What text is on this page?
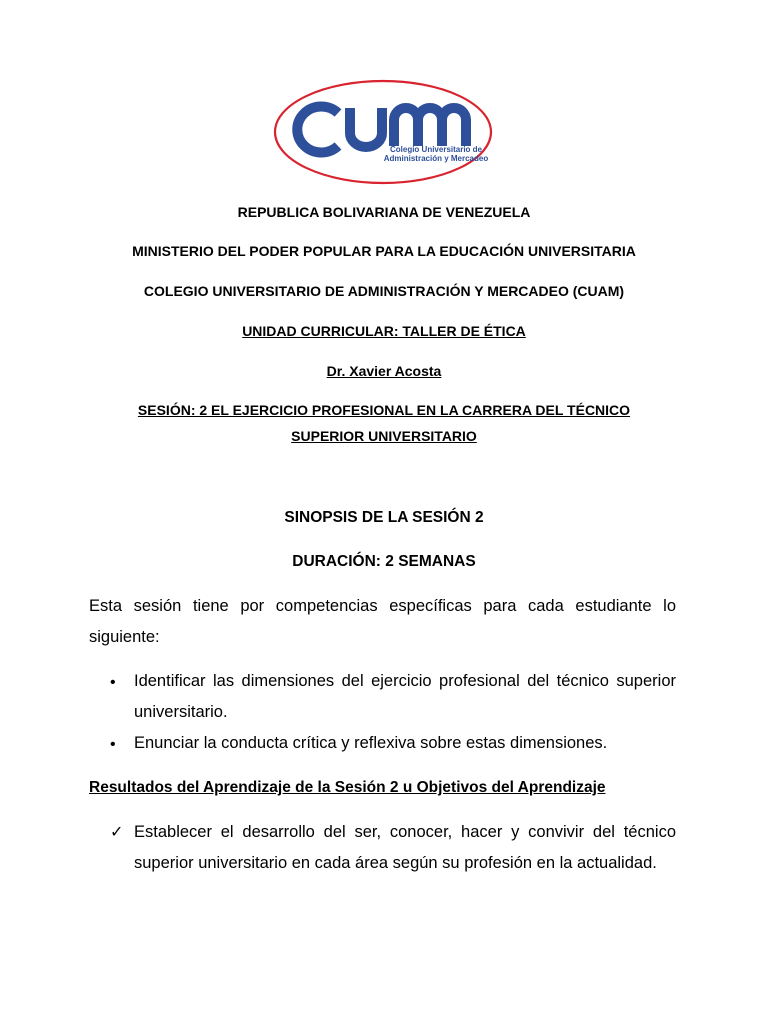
Colegio Universitario de
Administración y Mercadeo
REPUBLICA BOLIVARIANA DE VENEZUELA
MINISTERIO DEL PODER POPULAR PARA LA EDUCACIÓN UNIVERSITARIA
COLEGIO UNIVERSITARIO DE ADMINISTRACIÓN Y MERCADEO (CUAM)
UNIDAD CURRICULAR: TALLER DE ÉTICA
Dr. Xavier Acosta
SESIÓN: 2 EL EJERCICIO PROFESIONAL EN LA CARRERA DEL TÉCNICO
SUPERIOR UNIVERSITARIO
SINOPSIS DE LA SESIÓN 2
DURACIÓN: 2 SEMANAS
Esta sesión tiene por competencias específicas para cada estudiante lo siguiente:
• Identificar las dimensiones del ejercicio profesional del técnico superior universitario.
• Enunciar la conducta crítica y reflexiva sobre estas dimensiones.
Resultados del Aprendizaje de la Sesión 2 u Objetivos del Aprendizaje
✓ Establecer el desarrollo del ser, conocer, hacer y convivir del técnico superior universitario en cada área según su profesión en la actualidad.
